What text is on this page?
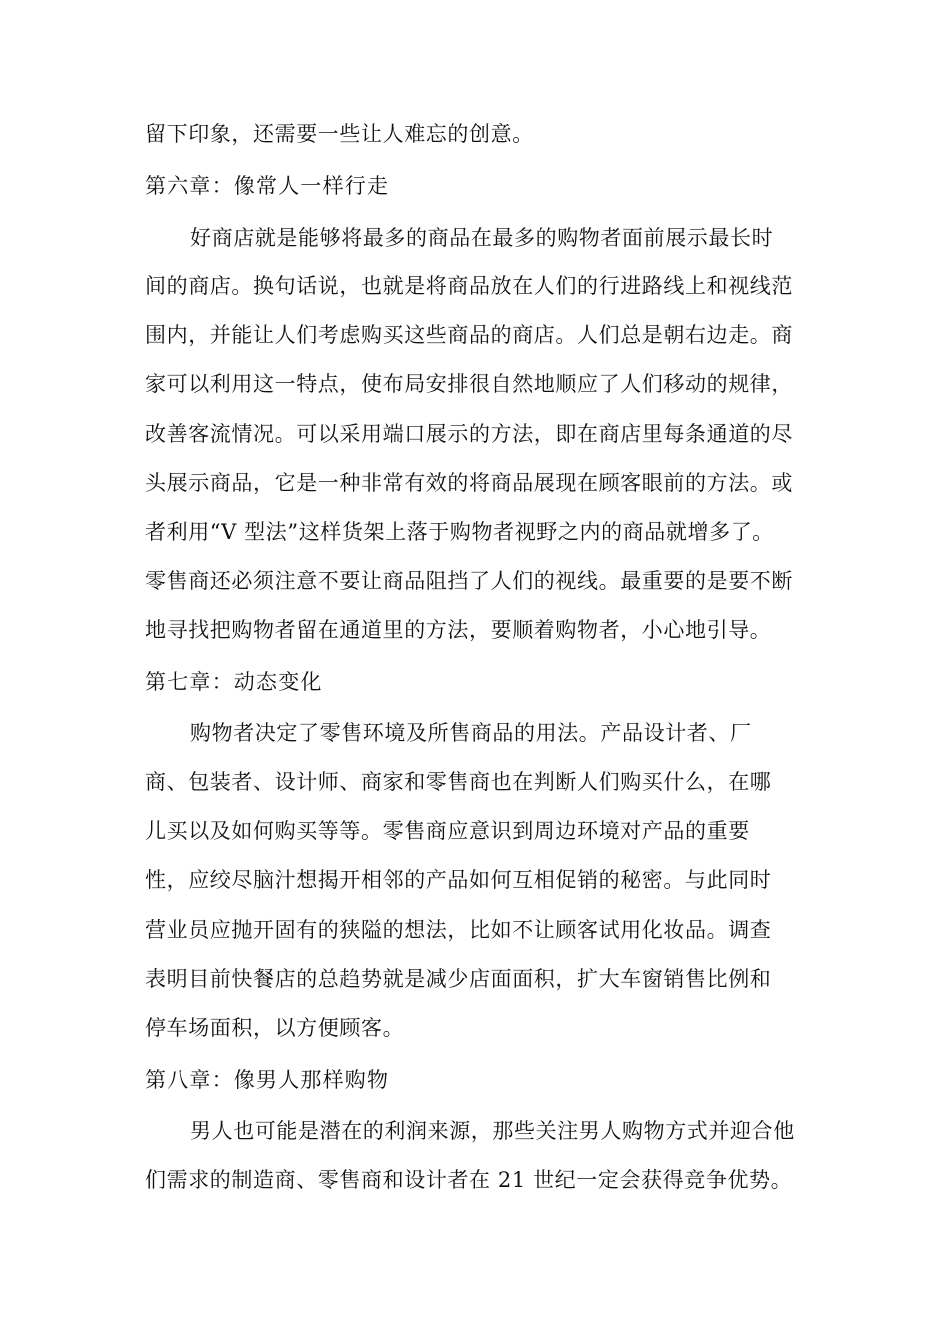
留下印象，还需要一些让人难忘的创意。
第六章：像常人一样行走
好商店就是能够将最多的商品在最多的购物者面前展示最长时
间的商店。换句话说，也就是将商品放在人们的行进路线上和视线范
围内，并能让人们考虑购买这些商品的商店。人们总是朝右边走。商
家可以利用这一特点，使布局安排很自然地顺应了人们移动的规律，
改善客流情况。可以采用端口展示的方法，即在商店里每条通道的尽
头展示商品，它是一种非常有效的将商品展现在顾客眼前的方法。或
者利用“V 型法”这样货架上落于购物者视野之内的商品就增多了。
零售商还必须注意不要让商品阻挡了人们的视线。最重要的是要不断
地寻找把购物者留在通道里的方法，要顺着购物者，小心地引导。
第七章：动态变化
购物者决定了零售环境及所售商品的用法。产品设计者、厂
商、包装者、设计师、商家和零售商也在判断人们购买什么，在哪
儿买以及如何购买等等。零售商应意识到周边环境对产品的重要
性，应绞尽脑汁想揭开相邻的产品如何互相促销的秘密。与此同时
营业员应抛开固有的狭隘的想法，比如不让顾客试用化妆品。调查
表明目前快餐店的总趋势就是减少店面面积，扩大车窗销售比例和
停车场面积，以方便顾客。
第八章：像男人那样购物
男人也可能是潜在的利润来源，那些关注男人购物方式并迎合他
们需求的制造商、零售商和设计者在 21 世纪一定会获得竞争优势。
